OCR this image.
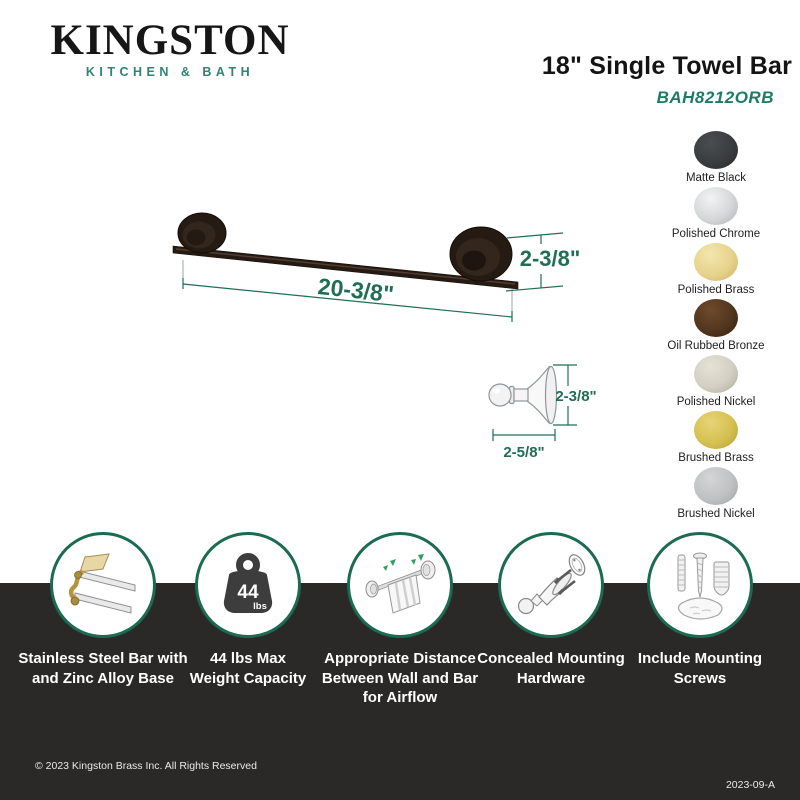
KINGSTON
KITCHEN & BATH	18" Single Towel Bar
BAH8212ORB
20-3/8"
2-3/8"
2-3/8"
2-5/8"
Matte Black
Polished Chrome
Polished Brass
Oil Rubbed Bronze
Polished Nickel
Brushed Brass
Brushed Nickel
Stainless Steel Bar with
and Zinc Alloy Base
44
lbs
44 lbs Max
Weight Capacity
Appropriate Distance
Between Wall and Bar
for Airflow
Concealed Mounting
Hardware
Include Mounting
Screws
© 2023 Kingston Brass Inc. All Rights Reserved
2023-09-A
